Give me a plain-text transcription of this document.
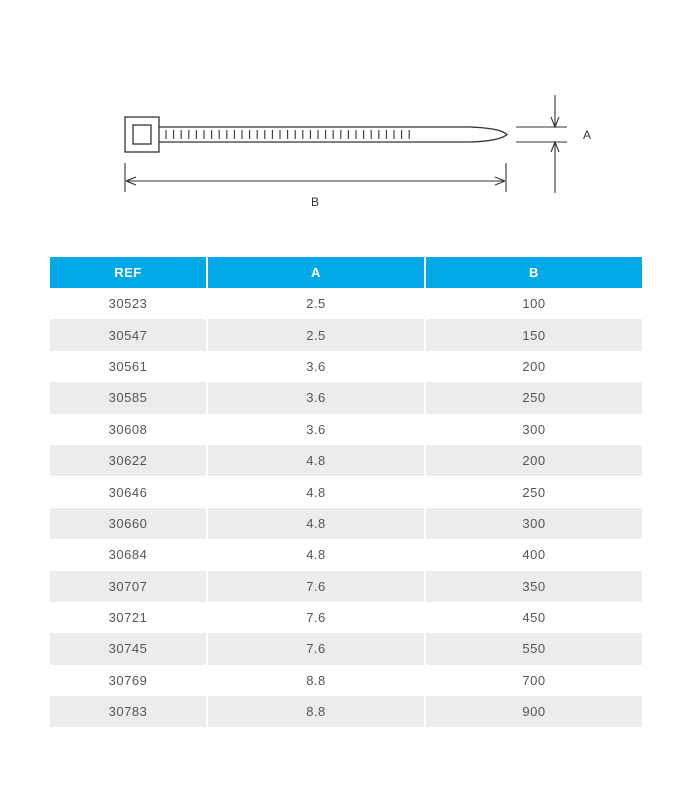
B
A
REF	A	B
30523	2.5	100
30547	2.5	150
30561	3.6	200
30585	3.6	250
30608	3.6	300
30622	4.8	200
30646	4.8	250
30660	4.8	300
30684	4.8	400
30707	7.6	350
30721	7.6	450
30745	7.6	550
30769	8.8	700
30783	8.8	900
